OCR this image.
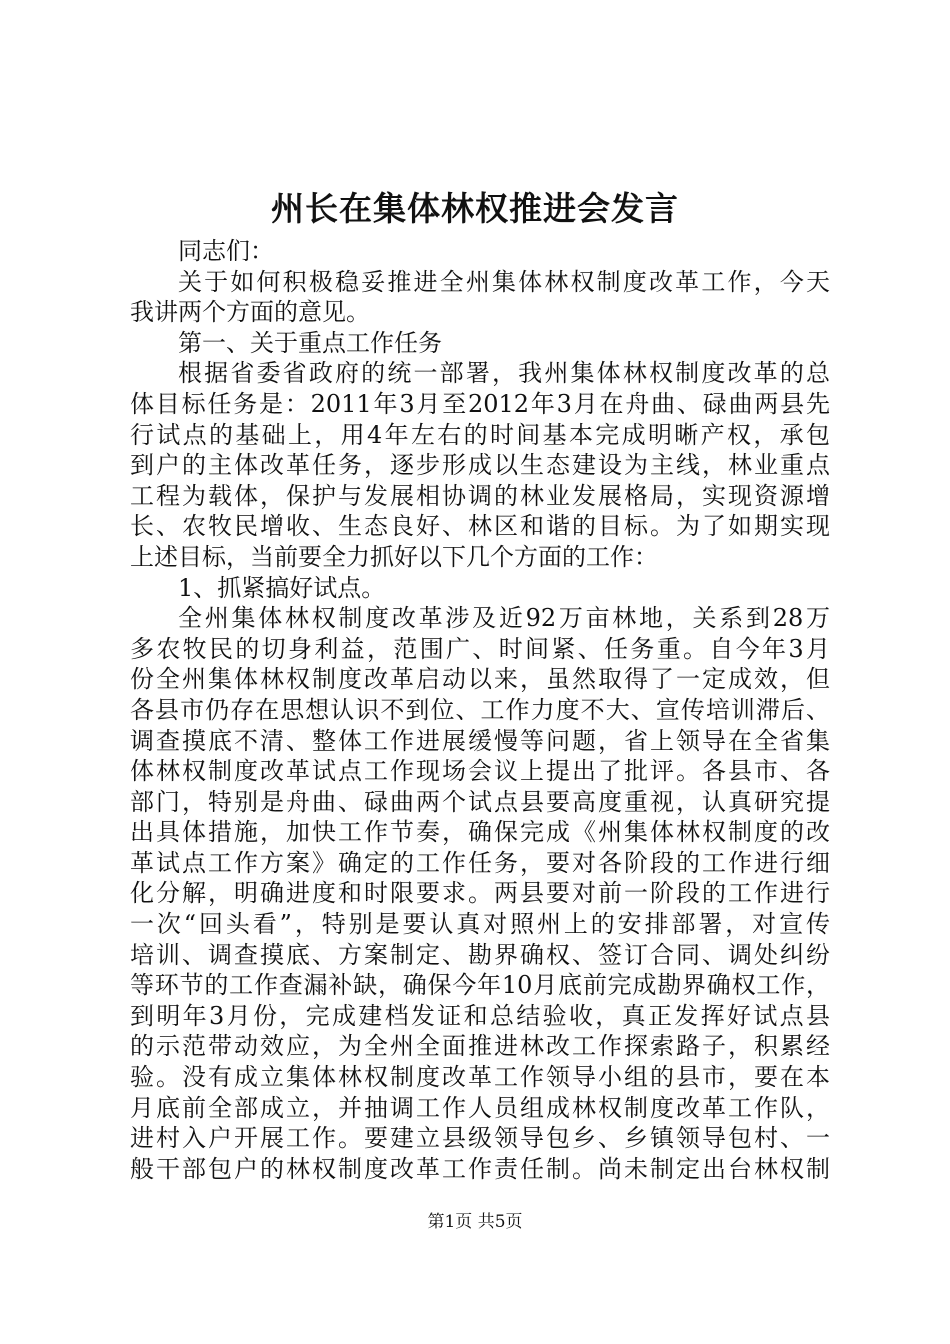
州长在集体林权推进会发言
同志们：
关于如何积极稳妥推进全州集体林权制度改革工作，今天
我讲两个方面的意见。
第一、关于重点工作任务
根据省委省政府的统一部署，我州集体林权制度改革的总
体目标任务是：2011年3月至2012年3月在舟曲、碌曲两县先
行试点的基础上，用4年左右的时间基本完成明晰产权，承包
到户的主体改革任务，逐步形成以生态建设为主线，林业重点
工程为载体，保护与发展相协调的林业发展格局，实现资源增
长、农牧民增收、生态良好、林区和谐的目标。为了如期实现
上述目标，当前要全力抓好以下几个方面的工作：
1、抓紧搞好试点。
全州集体林权制度改革涉及近92万亩林地，关系到28万
多农牧民的切身利益，范围广、时间紧、任务重。自今年3月
份全州集体林权制度改革启动以来，虽然取得了一定成效，但
各县市仍存在思想认识不到位、工作力度不大、宣传培训滞后、
调查摸底不清、整体工作进展缓慢等问题，省上领导在全省集
体林权制度改革试点工作现场会议上提出了批评。各县市、各
部门，特别是舟曲、碌曲两个试点县要高度重视，认真研究提
出具体措施，加快工作节奏，确保完成《州集体林权制度的改
革试点工作方案》确定的工作任务，要对各阶段的工作进行细
化分解，明确进度和时限要求。两县要对前一阶段的工作进行
一次“回头看”，特别是要认真对照州上的安排部署，对宣传
培训、调查摸底、方案制定、勘界确权、签订合同、调处纠纷
等环节的工作查漏补缺，确保今年10月底前完成勘界确权工作，
到明年3月份，完成建档发证和总结验收，真正发挥好试点县
的示范带动效应，为全州全面推进林改工作探索路子，积累经
验。没有成立集体林权制度改革工作领导小组的县市，要在本
月底前全部成立，并抽调工作人员组成林权制度改革工作队，
进村入户开展工作。要建立县级领导包乡、乡镇领导包村、一
般干部包户的林权制度改革工作责任制。尚未制定出台林权制
第1页 共5页
